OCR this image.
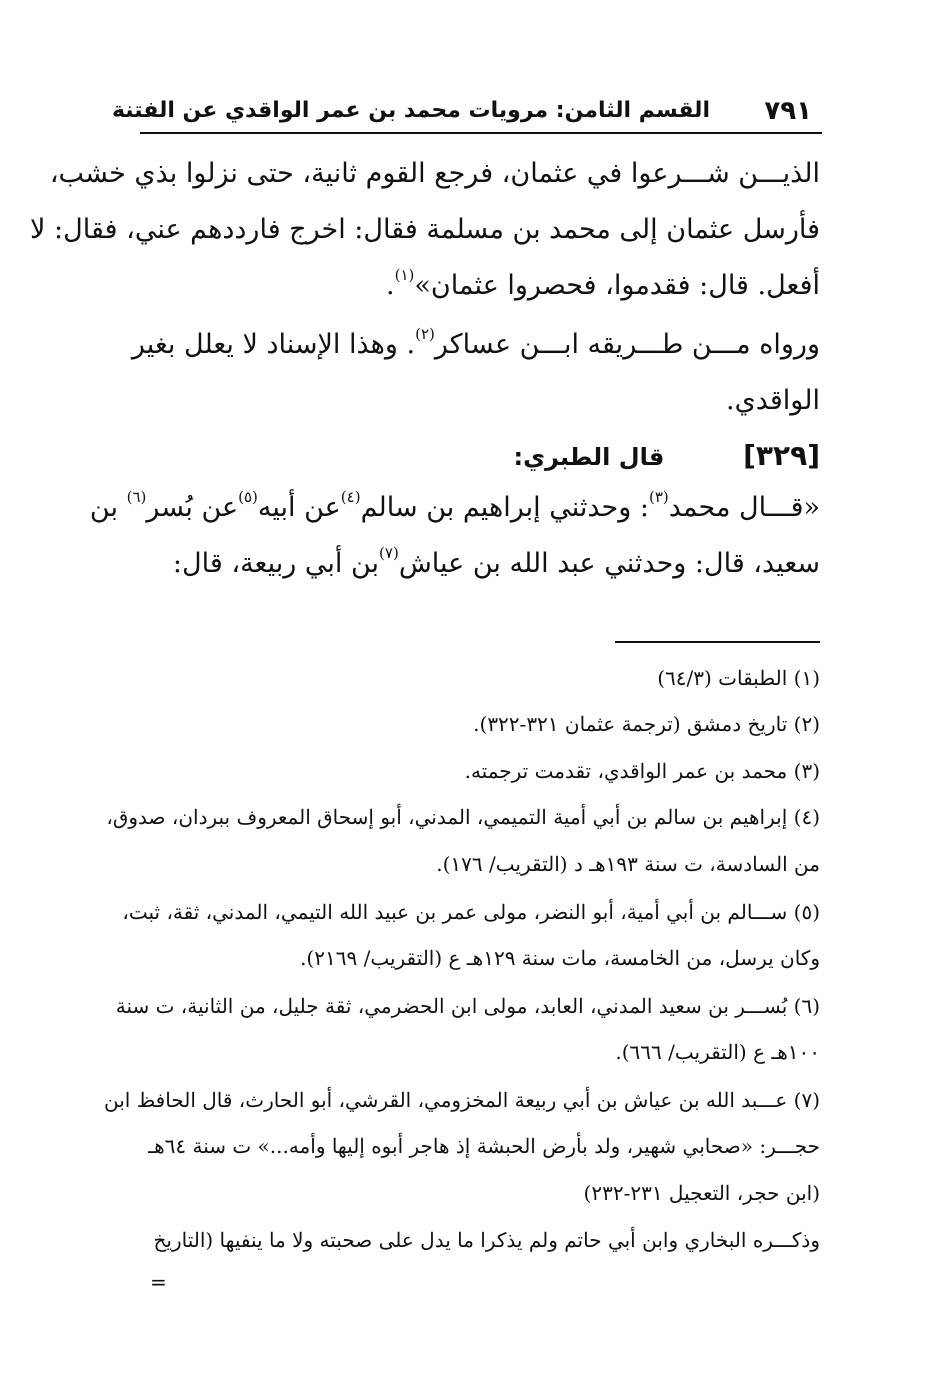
٧٩١
القسم الثامن: مرويات محمد بن عمر الواقدي عن الفتنة
الذيـــن شـــرعوا في عثمان، فرجع القوم ثانية، حتى نزلوا بذي خشب،
فأرسل عثمان إلى محمد بن مسلمة فقال: اخرج فارددهم عني، فقال: لا
أفعل. قال: فقدموا، فحصروا عثمان»$^{(١)}$.
ورواه مـــن طـــريقه ابـــن عساكر$^{(٢)}$. وهذا الإسناد لا يعلل بغير
الواقدي.
[٣٢٩]  قال الطبري:
«قـــال محمد$^{(٣)}$: وحدثني إبراهيم بن سالم$^{(٤)}$عن أبيه$^{(٥)}$عن بُسر$^{(٦)}$ بن
سعيد، قال: وحدثني عبد الله بن عياش$^{(٧)}$بن أبي ربيعة، قال:
(١) الطبقات (٦٤/٣)
(٢) تاريخ دمشق (ترجمة عثمان ٣٢١-٣٢٢).
(٣) محمد بن عمر الواقدي، تقدمت ترجمته.
(٤) إبراهيم بن سالم بن أبي أمية التميمي، المدني، أبو إسحاق المعروف ببردان، صدوق،
من السادسة، ت سنة ١٩٣هـ د (التقريب/ ١٧٦).
(٥) ســـالم بن أبي أمية، أبو النضر، مولى عمر بن عبيد الله التيمي، المدني، ثقة، ثبت،
وكان يرسل، من الخامسة، مات سنة ١٢٩هـ ع (التقريب/ ٢١٦٩).
(٦) بُســـر بن سعيد المدني، العابد، مولى ابن الحضرمي، ثقة جليل، من الثانية، ت سنة
١٠٠هـ ع (التقريب/ ٦٦٦).
(٧) عـــبد الله بن عياش بن أبي ربيعة المخزومي، القرشي، أبو الحارث، قال الحافظ ابن
حجـــر: «صحابي شهير، ولد بأرض الحبشة إذ هاجر أبوه إليها وأمه...» ت سنة ٦٤هـ
(ابن حجر، التعجيل ٢٣١-٢٣٢)
وذكـــره البخاري وابن أبي حاتم ولم يذكرا ما يدل على صحبته ولا ما ينفيها (التاريخ
=
